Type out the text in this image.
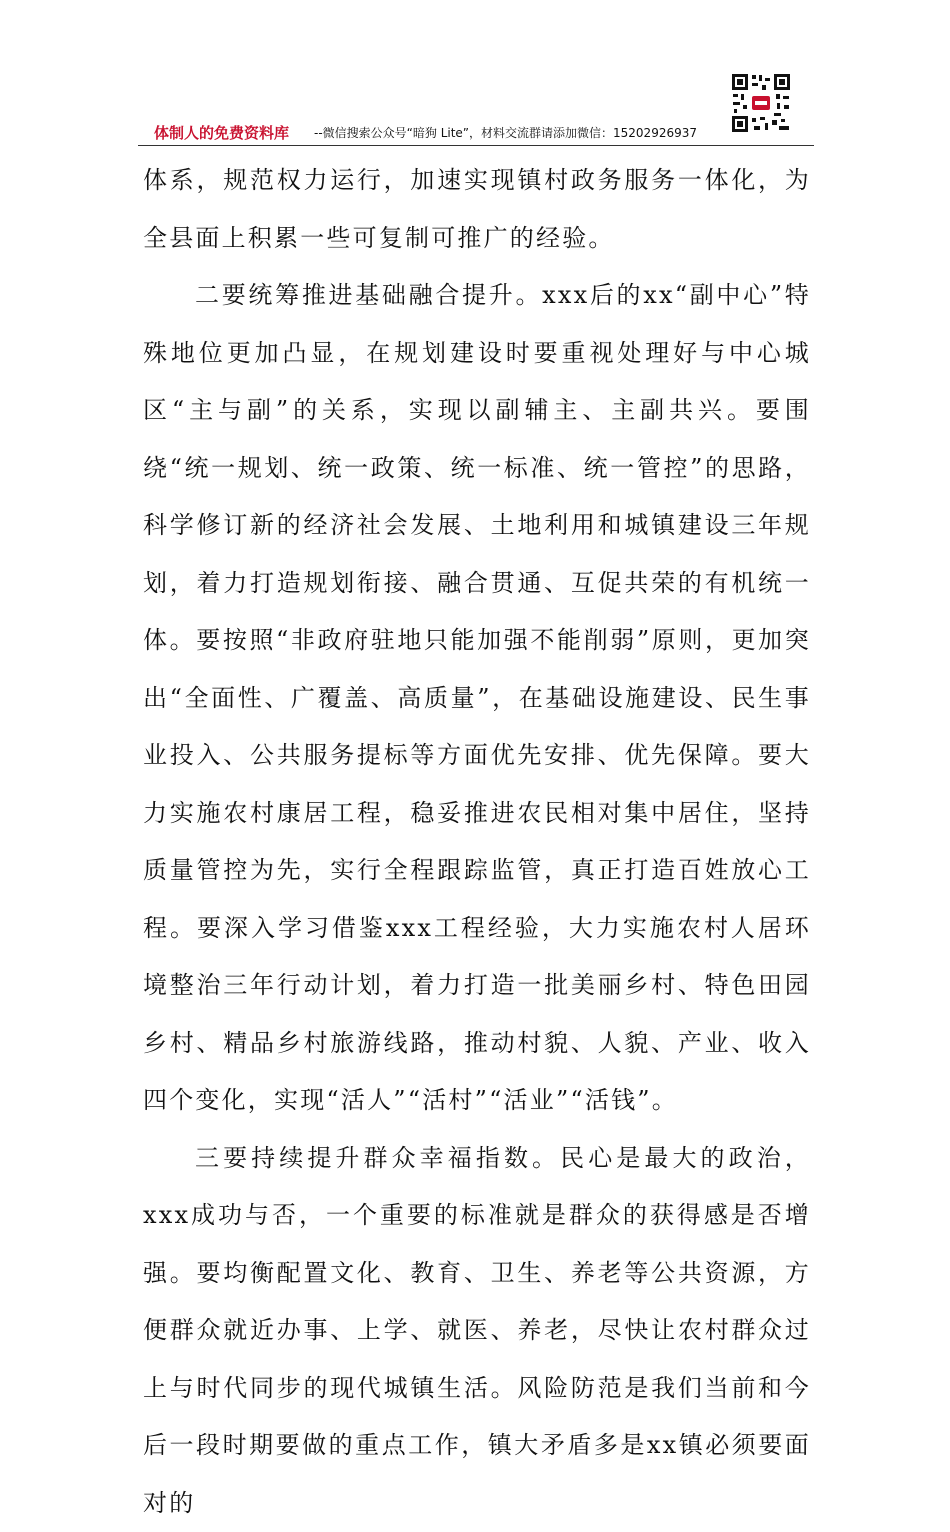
体制人的免费资料库 --微信搜索公众号“暗狗 Lite”，材料交流群请添加微信：15202926937

体系，规范权力运行，加速实现镇村政务服务一体化，为全县面上积累一些可复制可推广的经验。

二要统筹推进基础融合提升。xxx后的xx“副中心”特殊地位更加凸显，在规划建设时要重视处理好与中心城区“主与副”的关系，实现以副辅主、主副共兴。要围绕“统一规划、统一政策、统一标准、统一管控”的思路，科学修订新的经济社会发展、土地利用和城镇建设三年规划，着力打造规划衔接、融合贯通、互促共荣的有机统一体。要按照“非政府驻地只能加强不能削弱”原则，更加突出“全面性、广覆盖、高质量”，在基础设施建设、民生事业投入、公共服务提标等方面优先安排、优先保障。要大力实施农村康居工程，稳妥推进农民相对集中居住，坚持质量管控为先，实行全程跟踪监管，真正打造百姓放心工程。要深入学习借鉴xxx工程经验，大力实施农村人居环境整治三年行动计划，着力打造一批美丽乡村、特色田园乡村、精品乡村旅游线路，推动村貌、人貌、产业、收入四个变化，实现“活人”“活村”“活业”“活钱”。

三要持续提升群众幸福指数。民心是最大的政治，xxx成功与否，一个重要的标准就是群众的获得感是否增强。要均衡配置文化、教育、卫生、养老等公共资源，方便群众就近办事、上学、就医、养老，尽快让农村群众过上与时代同步的现代城镇生活。风险防范是我们当前和今后一段时期要做的重点工作，镇大矛盾多是xx镇必须要面对的
